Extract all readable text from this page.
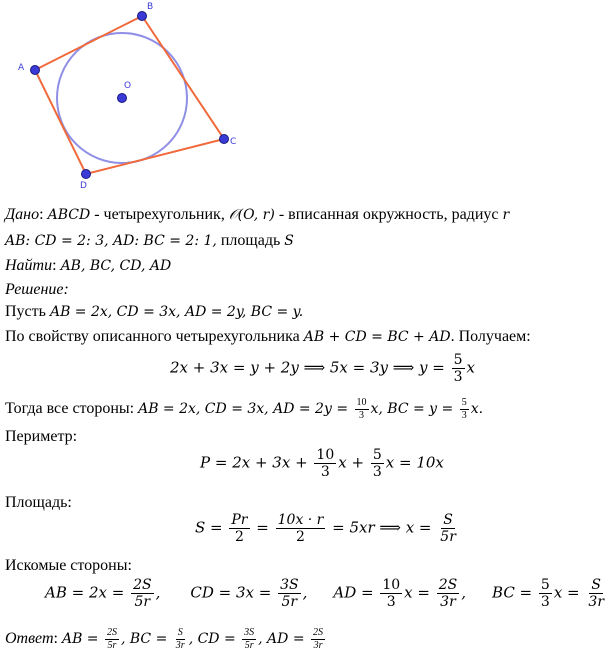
A
B
C
D
O
Дано: ABCD - четырехугольник, 𝒪(O, r) - вписанная окружность, радиус r
AB: CD = 2: 3, AD: BC = 2: 1, площадь S
Найти: AB, BC, CD, AD
Решение:
Пусть AB = 2x, CD = 3x, AD = 2y, BC = y.
По свойству описанного четырехугольника AB + CD = BC + AD. Получаем:
2x + 3x = y + 2y ⟹ 5x = 3y ⟹ $y = \frac{5}{3}$ x
Тогда все стороны: AB = 2x, CD = 3x, AD = $2y = \frac{10}{3} x$, BC = $y = \frac{5}{3} x$.
Периметр:
$P = 2x + 3x + \frac{10}{3}$ $x + \frac{5}{3}$ x = 10x
Площадь:
$S = \frac{Pr}{2} = \frac{10x \cdot r}{2} = 5xr$ ⟹ $x = \frac{S}{5r}$
Искомые стороны:
AB = $2x = \frac{2S}{5r}$ , CD = $3x = \frac{3S}{5r}$ , AD = $\frac{10}{3}$ $x = \frac{2S}{3r}$ , BC = $\frac{5}{3}$ $x = \frac{S}{3r}$
Ответ: AB = $\frac{2S}{5r}$ , BC = $\frac{S}{3r}$ , CD = $\frac{3S}{5r}$ , AD = $\frac{2S}{3r}$
